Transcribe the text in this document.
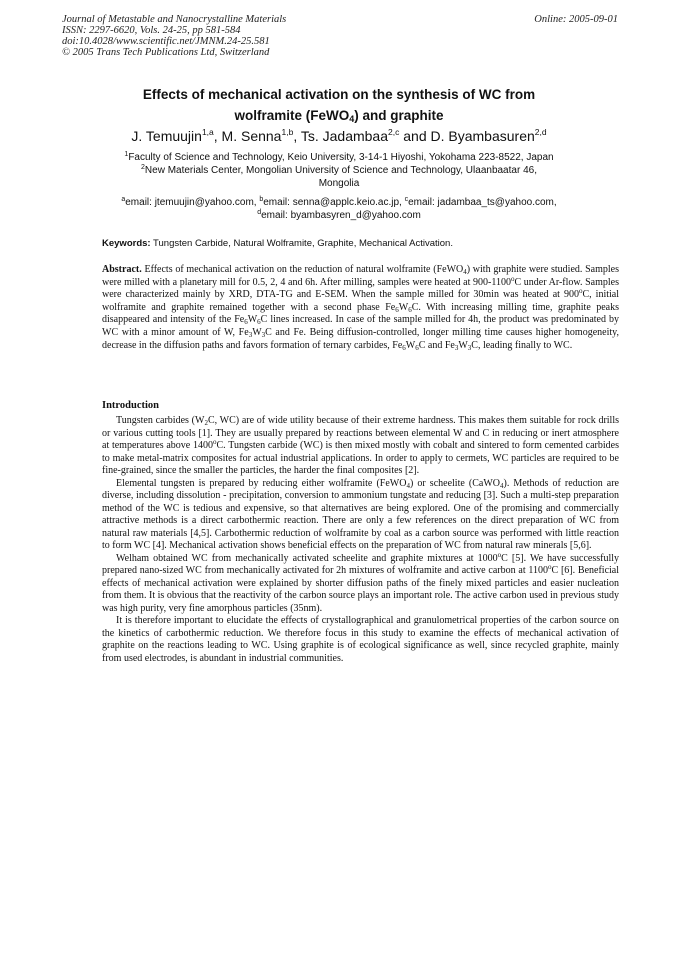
Journal of Metastable and Nanocrystalline Materials
ISSN: 2297-6620, Vols. 24-25, pp 581-584
doi:10.4028/www.scientific.net/JMNM.24-25.581
© 2005 Trans Tech Publications Ltd, Switzerland
Online: 2005-09-01
Effects of mechanical activation on the synthesis of WC from
wolframite (FeWO$_4$) and graphite
J. Temuujin$^{1,a}$, M. Senna$^{1,b}$, Ts. Jadambaa$^{2,c}$ and D. Byambasuren$^{2,d}$
$^1$Faculty of Science and Technology, Keio University, 3-14-1 Hiyoshi, Yokohama 223-8522, Japan
$^2$New Materials Center, Mongolian University of Science and Technology, Ulaanbaatar 46,
Mongolia
$^a$email: jtemuujin@yahoo.com, $^b$email: senna@applc.keio.ac.jp, $^c$email: jadambaa_ts@yahoo.com,
$^d$email: byambasyren_d@yahoo.com
Keywords: Tungsten Carbide, Natural Wolframite, Graphite, Mechanical Activation.
Abstract. Effects of mechanical activation on the reduction of natural wolframite (FeWO$_4$) with graphite were studied. Samples were milled with a planetary mill for 0.5, 2, 4 and 6h. After milling, samples were heated at 900-1100$^o$C under Ar-flow. Samples were characterized mainly by XRD, DTA-TG and E-SEM. When the sample milled for 30min was heated at 900$^o$C, initial wolframite and graphite remained together with a second phase $Fe_6W_6C$. With increasing milling time, graphite peaks disappeared and intensity of the $Fe_6W_6C$ lines increased. In case of the sample milled for 4h, the product was predominated by WC with a minor amount of W, $Fe_3W_3C$ and Fe. Being diffusion-controlled, longer milling time causes higher homogeneity, decrease in the diffusion paths and favors formation of ternary carbides, $Fe_6W_6C$ and $Fe_3W_3C$, leading finally to WC.
Introduction

Tungsten carbides ($W_2C$, WC) are of wide utility because of their extreme hardness. This makes them suitable for rock drills or various cutting tools [1]. They are usually prepared by reactions between elemental W and C in reducing or inert atmosphere at temperatures above 1400$^o$C. Tungsten carbide (WC) is then mixed mostly with cobalt and sintered to form cemented carbides to make metal-matrix composites for actual industrial applications. In order to apply to cermets, WC particles are required to be fine-grained, since the smaller the particles, the harder the final composites [2].

Elemental tungsten is prepared by reducing either wolframite (FeWO$_4$) or scheelite (CaWO$_4$). Methods of reduction are diverse, including dissolution - precipitation, conversion to ammonium tungstate and reducing [3]. Such a multi-step preparation method of the WC is tedious and expensive, so that alternatives are being explored. One of the promising and commercially attractive methods is a direct carbothermic reaction. There are only a few references on the direct preparation of WC from natural raw materials [4,5]. Carbothermic reduction of wolframite by coal as a carbon source was performed with little reaction to form WC [4]. Mechanical activation shows beneficial effects on the preparation of WC from natural raw minerals [5,6].

Welham obtained WC from mechanically activated scheelite and graphite mixtures at 1000$^o$C [5]. We have successfully prepared nano-sized WC from mechanically activated for 2h mixtures of wolframite and active carbon at 1100$^o$C [6]. Beneficial effects of mechanical activation were explained by shorter diffusion paths of the finely mixed particles and easier nucleation from them. It is obvious that the reactivity of the carbon source plays an important role. The active carbon used in previous study was high purity, very fine amorphous particles (35nm).

It is therefore important to elucidate the effects of crystallographical and granulometrical properties of the carbon source on the kinetics of carbothermic reduction. We therefore focus in this study to examine the effects of mechanical activation of graphite on the reactions leading to WC. Using graphite is of ecological significance as well, since recycled graphite, mainly from used electrodes, is abundant in industrial communities.
